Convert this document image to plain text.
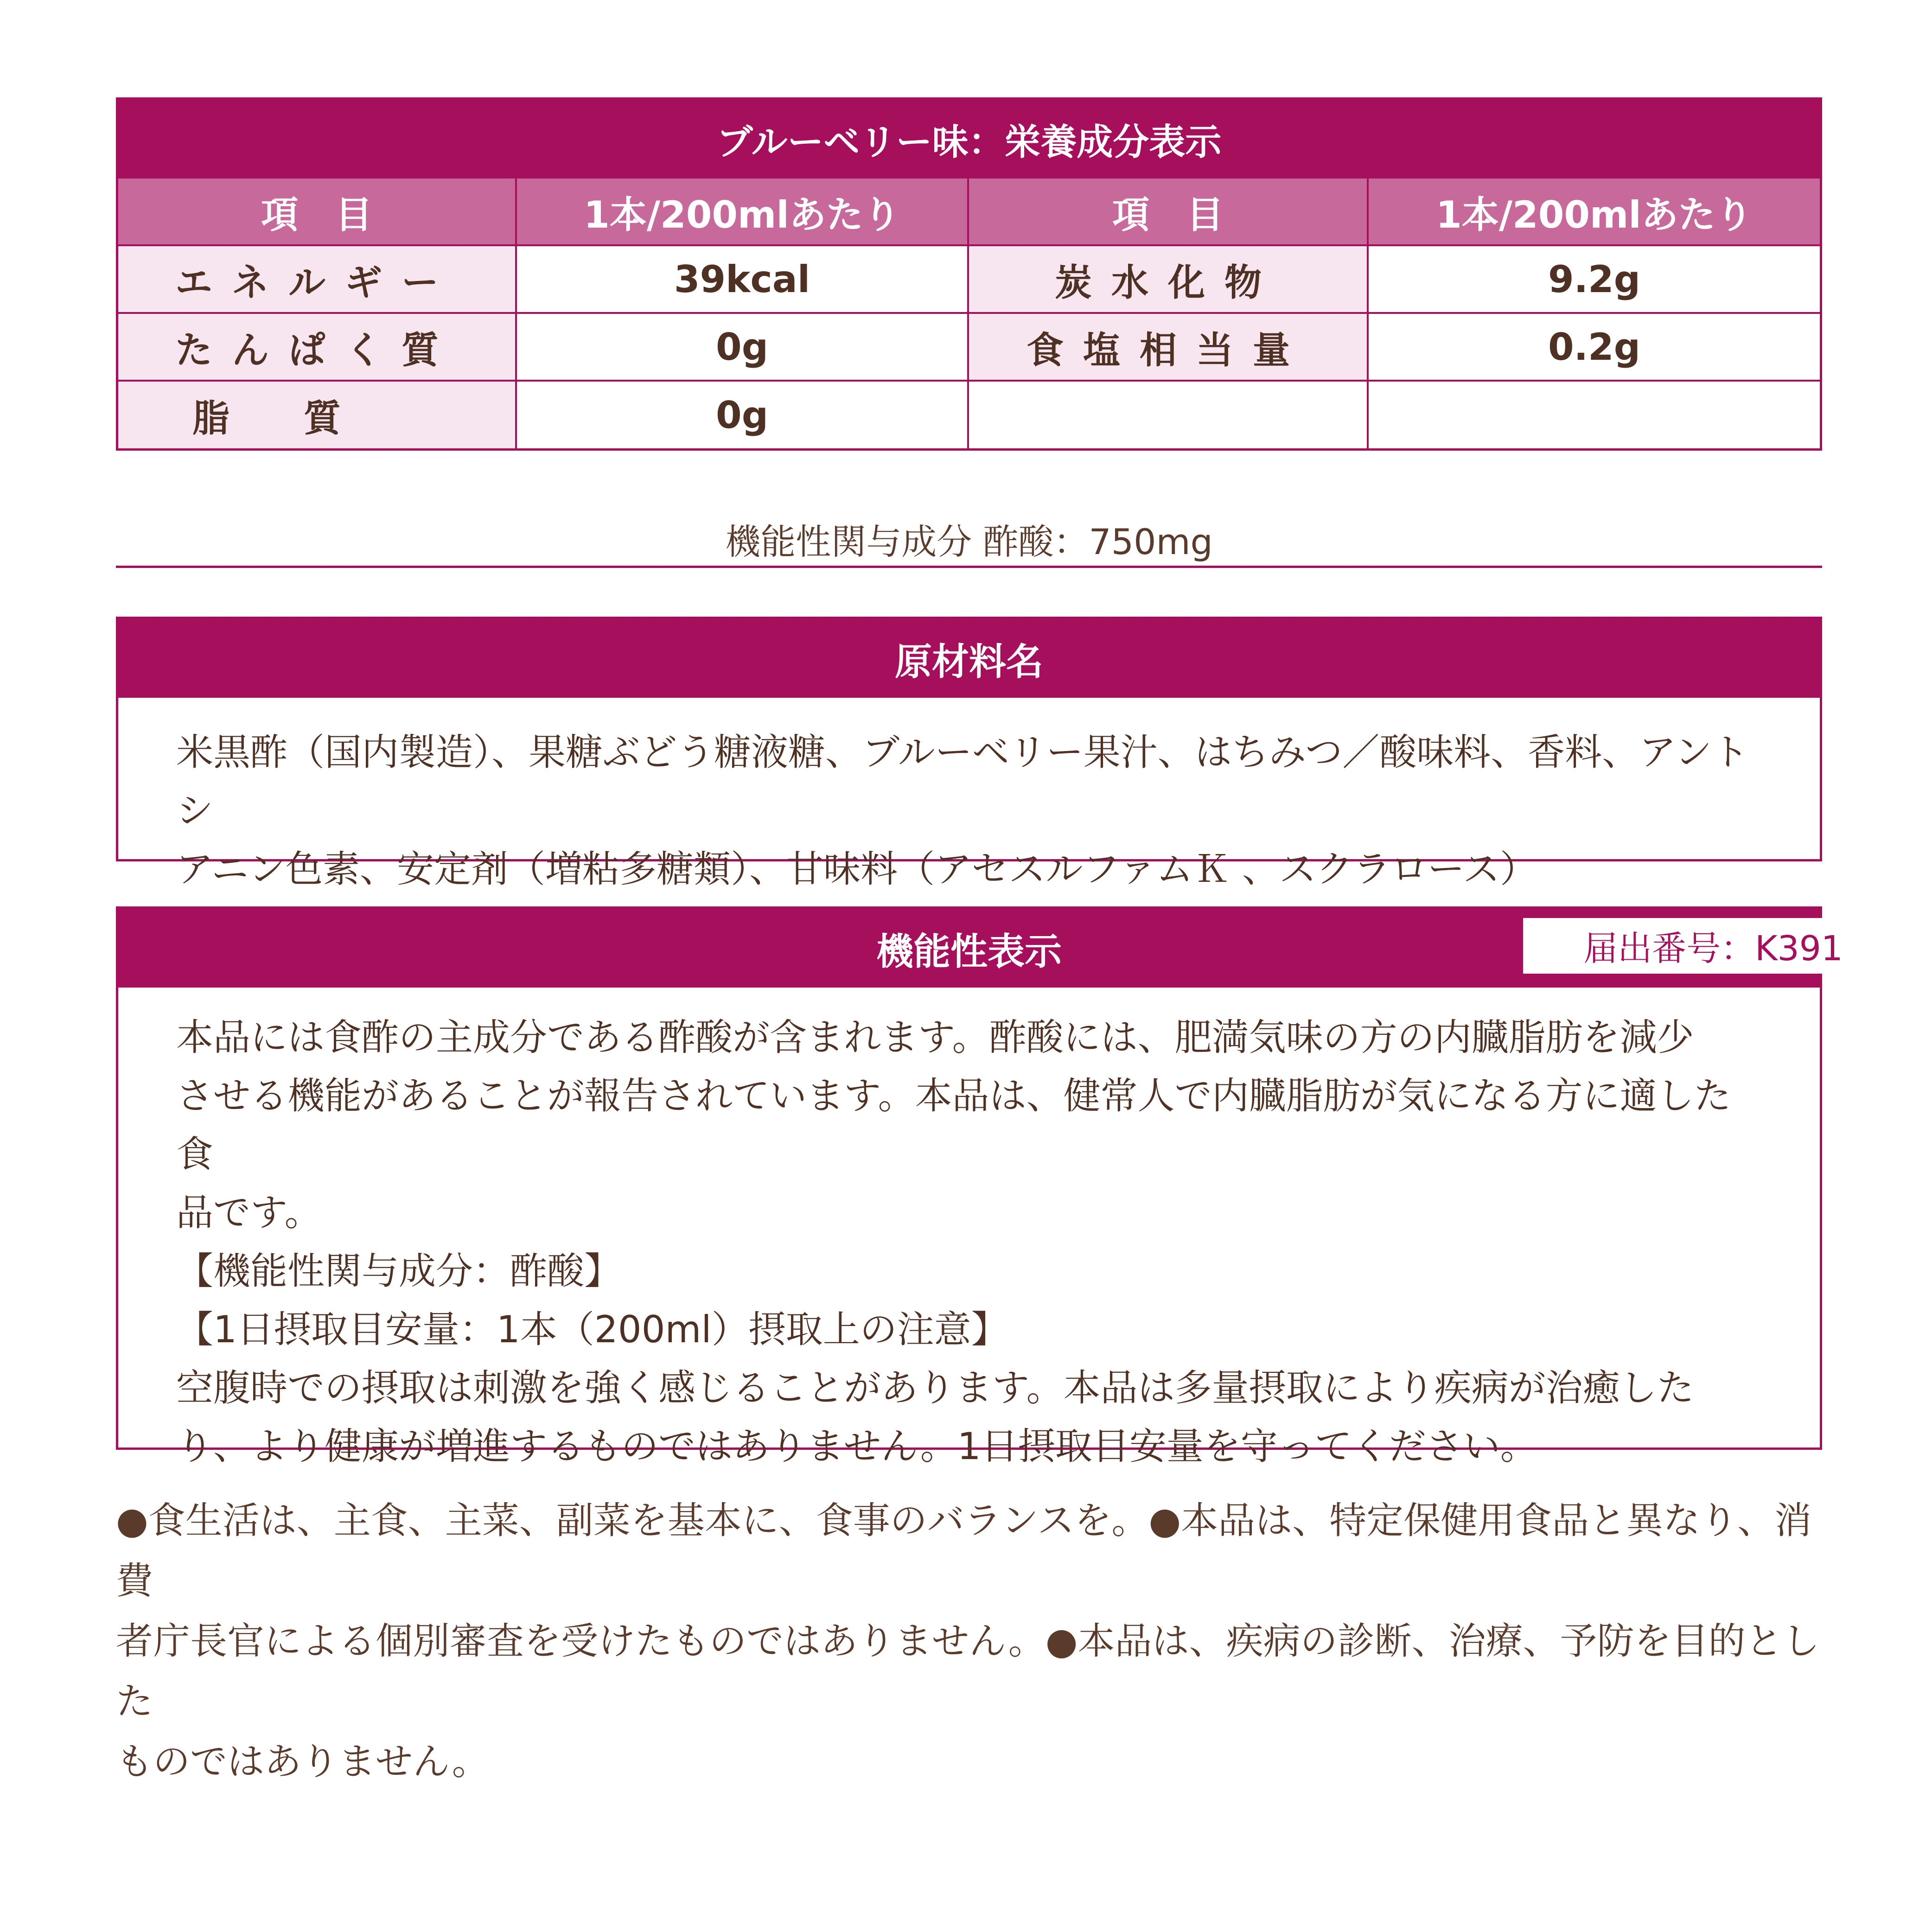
ブルーベリー味：栄養成分表示
項　目	1本/200mlあたり	項　目	1本/200mlあたり
エネルギー	39kcal	炭水化物	9.2g
たんぱく質	0g	食塩相当量	0.2g
脂　　質	0g
機能性関与成分 酢酸：750mg
原材料名

米黒酢（国内製造）、果糖ぶどう糖液糖、ブルーベリー果汁、はちみつ／酸味料、香料、アントシ

アニン色素、安定剤（増粘多糖類）、甘味料（アセスルファムＫ 、スクラロース）

機能性表示	届出番号：K391

本品には食酢の主成分である酢酸が含まれます。酢酸には、肥満気味の方の内臓脂肪を減少

させる機能があることが報告されています。本品は、健常人で内臓脂肪が気になる方に適した食

品です。

【機能性関与成分：酢酸】

【1日摂取目安量：1本（200ml）摂取上の注意】

空腹時での摂取は刺激を強く感じることがあります。本品は多量摂取により疾病が治癒した

り、より健康が増進するものではありません。1日摂取目安量を守ってください。

●食生活は、主食、主菜、副菜を基本に、食事のバランスを。●本品は、特定保健用食品と異なり、消費
者庁長官による個別審査を受けたものではありません。●本品は、疾病の診断、治療、予防を目的とした
ものではありません。
